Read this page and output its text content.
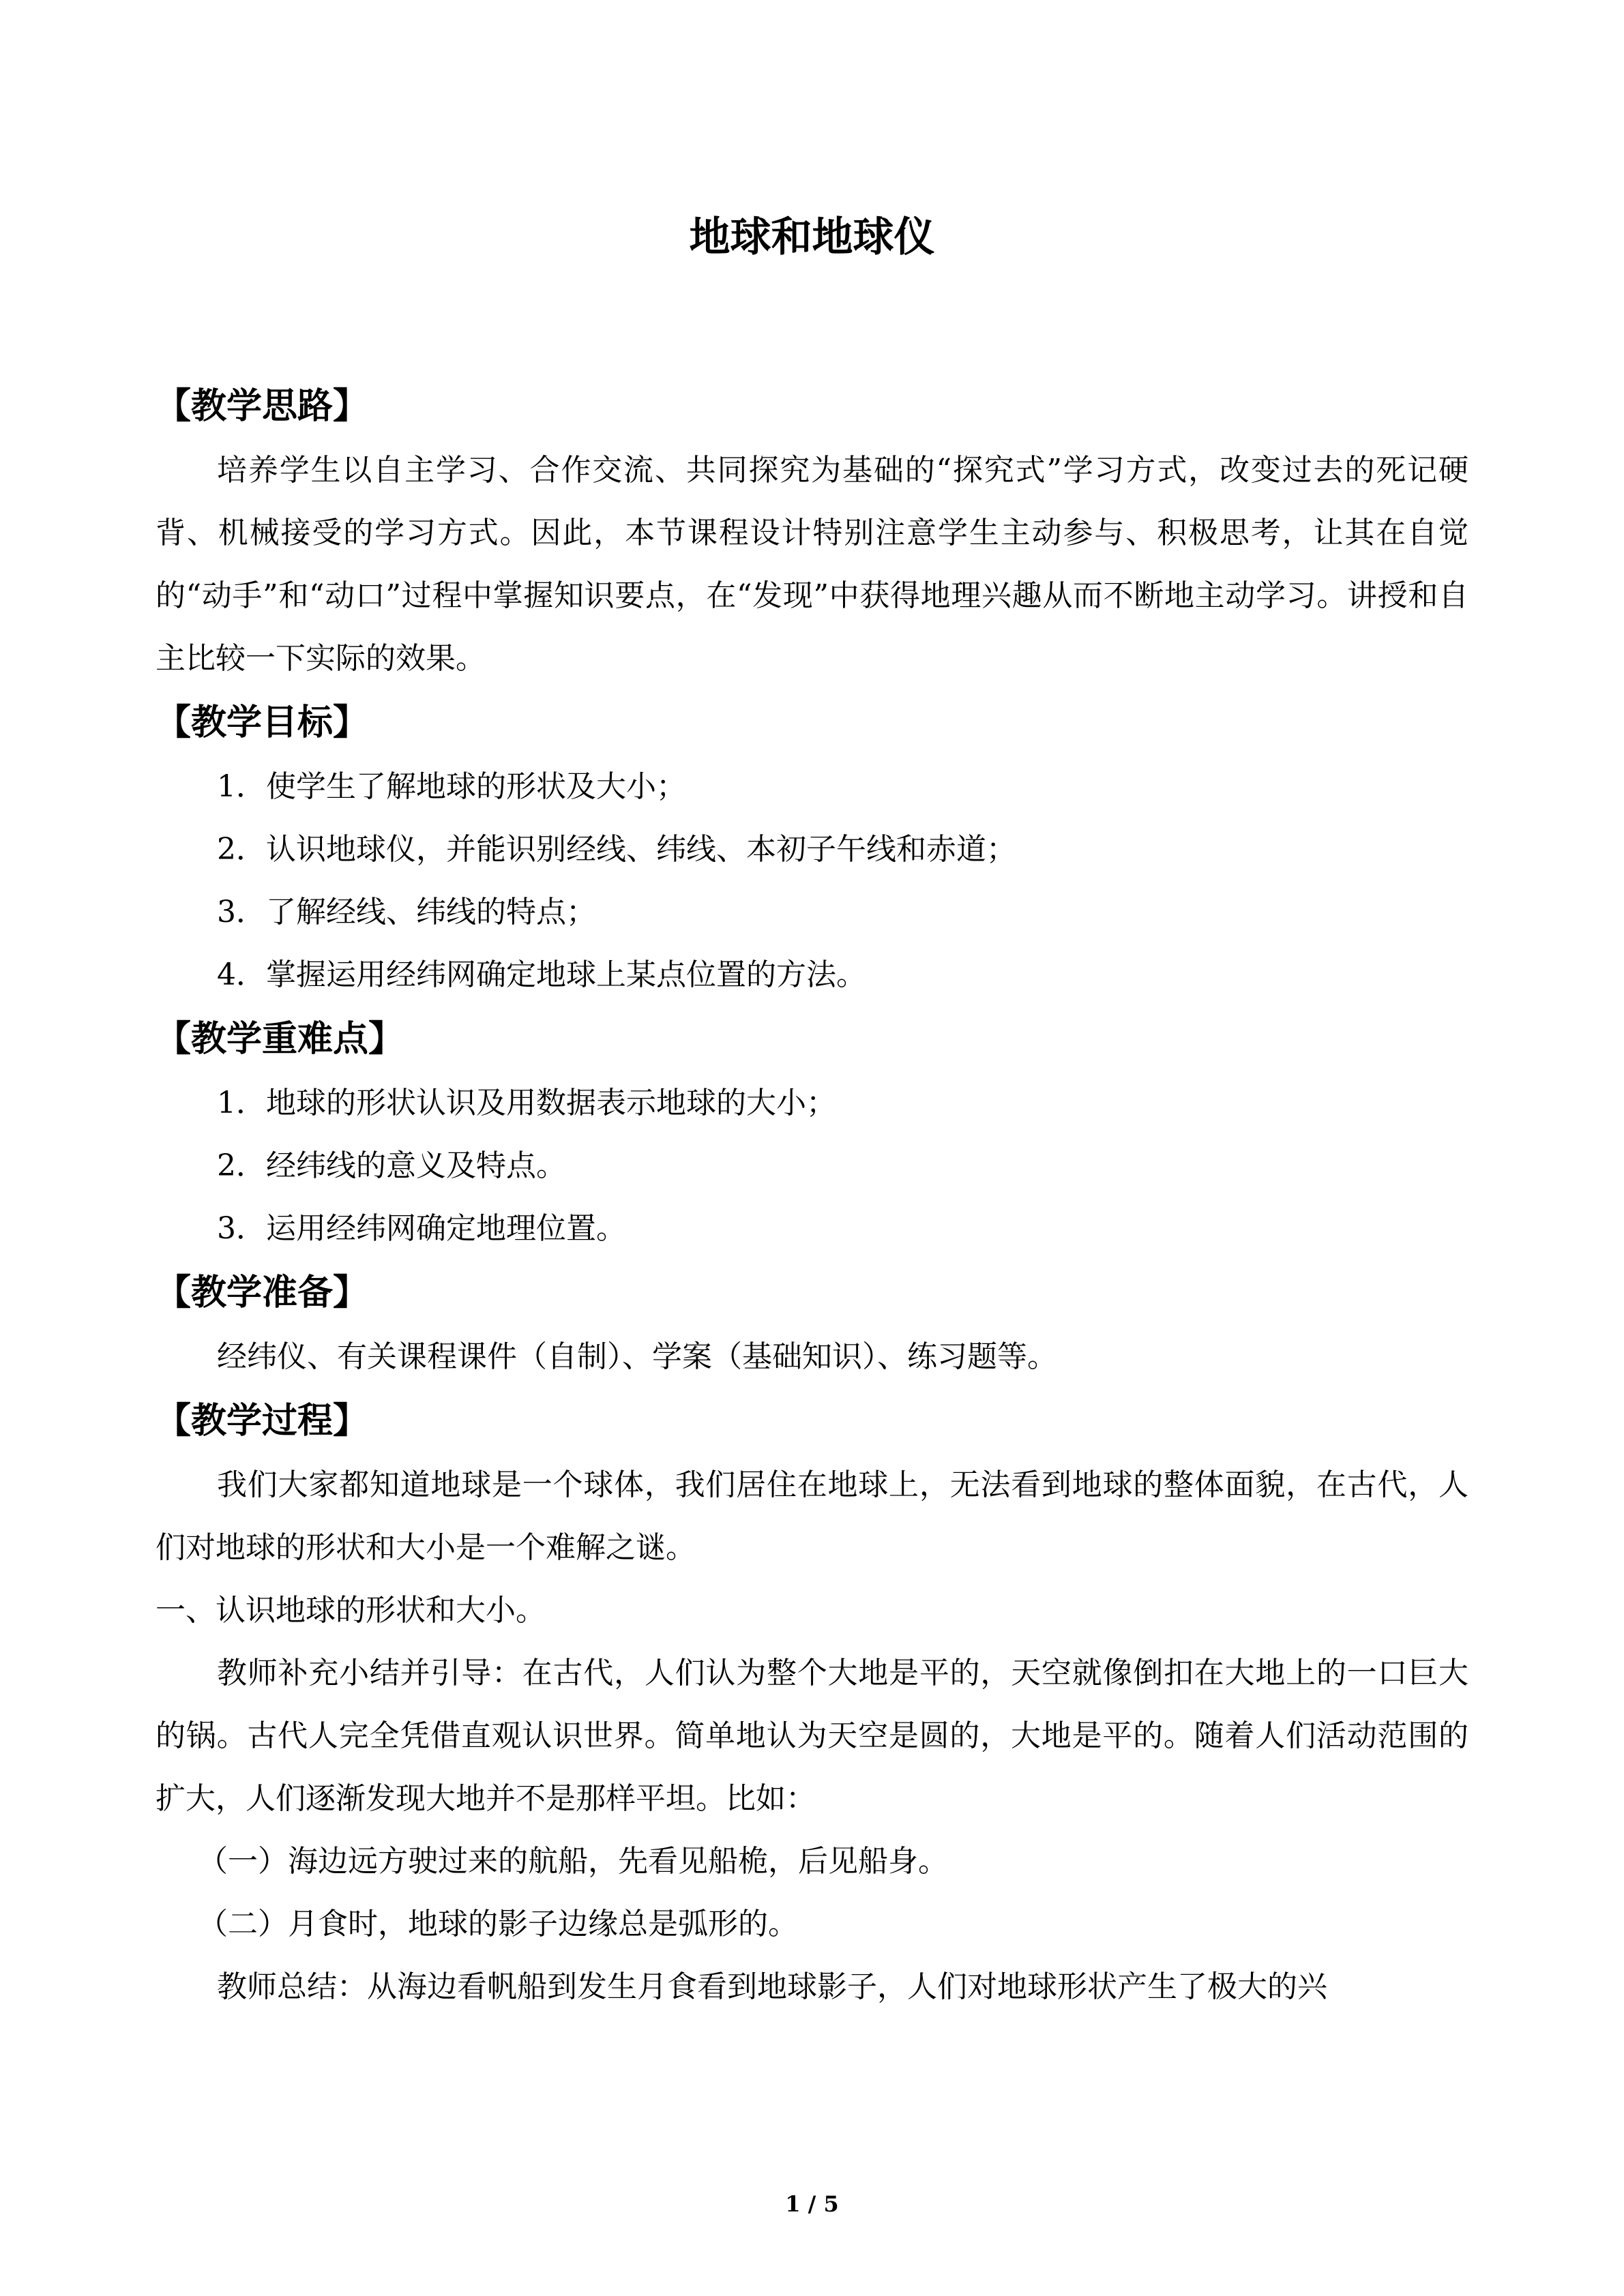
地球和地球仪
【教学思路】

培养学生以自主学习、合作交流、共同探究为基础的“探究式”学习方式，改变过去的死记硬背、机械接受的学习方式。因此，本节课程设计特别注意学生主动参与、积极思考，让其在自觉的“动手”和“动口”过程中掌握知识要点，在“发现”中获得地理兴趣从而不断地主动学习。讲授和自主比较一下实际的效果。

【教学目标】

1．使学生了解地球的形状及大小；

2．认识地球仪，并能识别经线、纬线、本初子午线和赤道；

3．了解经线、纬线的特点；

4．掌握运用经纬网确定地球上某点位置的方法。

【教学重难点】

1．地球的形状认识及用数据表示地球的大小；

2．经纬线的意义及特点。

3．运用经纬网确定地理位置。

【教学准备】

经纬仪、有关课程课件（自制）、学案（基础知识）、练习题等。

【教学过程】

我们大家都知道地球是一个球体，我们居住在地球上，无法看到地球的整体面貌，在古代，人们对地球的形状和大小是一个难解之谜。

一、认识地球的形状和大小。

教师补充小结并引导：在古代，人们认为整个大地是平的，天空就像倒扣在大地上的一口巨大的锅。古代人完全凭借直观认识世界。简单地认为天空是圆的，大地是平的。随着人们活动范围的扩大，人们逐渐发现大地并不是那样平坦。比如：

（一）海边远方驶过来的航船，先看见船桅，后见船身。

（二）月食时，地球的影子边缘总是弧形的。

教师总结：从海边看帆船到发生月食看到地球影子，人们对地球形状产生了极大的兴

1 / 5
